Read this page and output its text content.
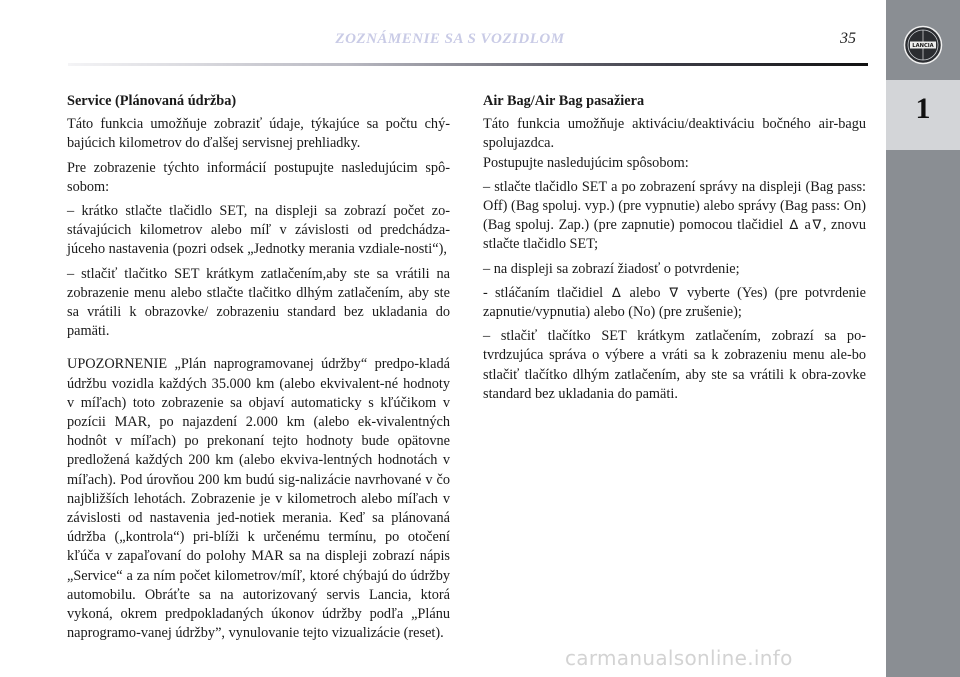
ZOZNÁMENIE SA S VOZIDLOM	35	LANCIA
1

Service (Plánovaná údržba)

Táto funkcia umožňuje zobraziť údaje, týkajúce sa počtu chý-bajúcich kilometrov do ďalšej servisnej prehliadky.

Pre zobrazenie týchto informácií postupujte nasledujúcim spô-sobom:

– krátko stlačte tlačidlo SET, na displeji sa zobrazí počet zo-stávajúcich kilometrov alebo míľ v závislosti od predchádza-júceho nastavenia (pozri odsek „Jednotky merania vzdiale-nosti“),

– stlačiť tlačitko SET krátkym zatlačením,aby ste sa vrátili na zobrazenie menu alebo stlačte tlačitko dlhým zatlačením, aby ste sa vrátili k obrazovke/ zobrazeniu standard bez ukladania do pamäti.

UPOZORNENIE „Plán naprogramovanej údržby“ predpo-kladá údržbu vozidla každých 35.000 km (alebo ekvivalent-né hodnoty v míľach) toto zobrazenie sa objaví automaticky s kľúčikom v pozícii MAR, po najazdení 2.000 km (alebo ek-vivalentných hodnôt v míľach) po prekonaní tejto hodnoty bude opätovne predložená každých 200 km (alebo ekviva-lentných hodnotách v míľach). Pod úrovňou 200 km budú sig-nalizácie navrhované v čo najbližších lehotách. Zobrazenie je v kilometroch alebo míľach v závislosti od nastavenia jed-notiek merania. Keď sa plánovaná údržba („kontrola“) pri-blíži k určenému termínu, po otočení kľúča v zapaľovaní do polohy MAR sa na displeji zobrazí nápis „Service“ a za ním počet kilometrov/míľ, ktoré chýbajú do údržby automobilu. Obráťte sa na autorizovaný servis Lancia, ktorá vykoná, okrem predpokladaných úkonov údržby podľa „Plánu naprogramo-vanej údržby”, vynulovanie tejto vizualizácie (reset).

Air Bag/Air Bag pasažiera

Táto funkcia umožňuje aktiváciu/deaktiváciu bočného air-bagu spolujazdca.

Postupujte nasledujúcim spôsobom:

– stlačte tlačidlo SET a po zobrazení správy na displeji (Bag pass: Off) (Bag spoluj. vyp.) (pre vypnutie) alebo správy (Bag pass: On) (Bag spoluj. Zap.) (pre zapnutie) pomocou tlačidiel ∆ a ∇ , znovu stlačte tlačidlo SET;

– na displeji sa zobrazí žiadosť o potvrdenie;

- stláčaním tlačidiel ∆ alebo ∇ vyberte (Yes) (pre potvrdenie zapnutie/vypnutia) alebo (No) (pre zrušenie);

– stlačiť tlačítko SET krátkym zatlačením, zobrazí sa po-tvrdzujúca správa o výbere a vráti sa k zobrazeniu menu ale-bo stlačiť tlačítko dlhým zatlačením, aby ste sa vrátili k obra-zovke standard bez ukladania do pamäti.

carmanualsonline.info
